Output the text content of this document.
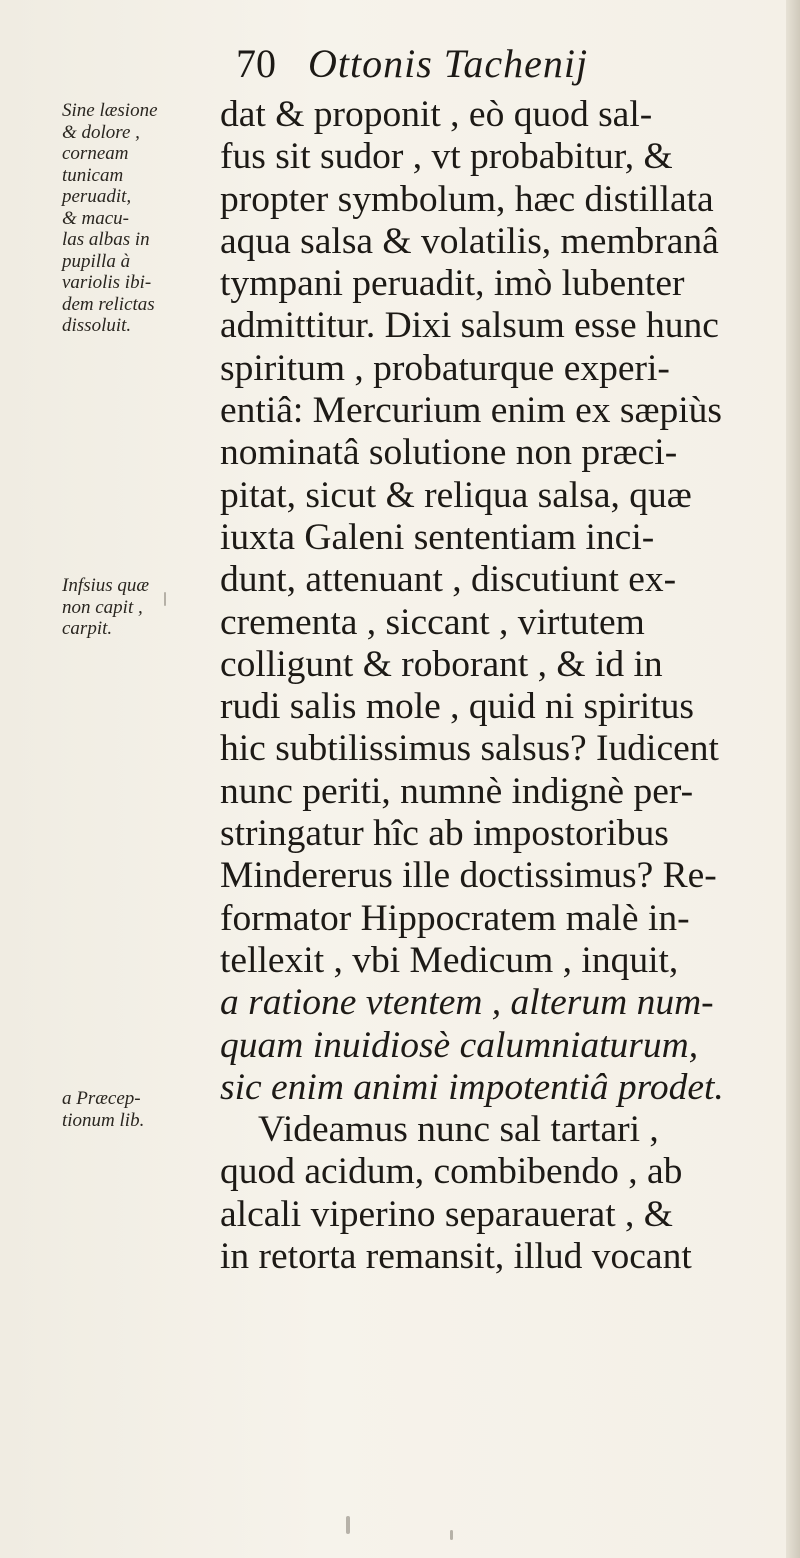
70 Ottonis Tachenij
Sine læsione
& dolore ,
corneam
tunicam
peruadit,
& macu-
las albas in
pupilla à
variolis ibi-
dem relictas
dissoluit.
Infsius quæ
non capit ,
carpit.
a Præcep-
tionum lib.
dat & proponit , eò quod sal-
fus sit sudor , vt probabitur, &
propter symbolum, hæc distillata
aqua salsa & volatilis, membranâ
tympani peruadit, imò lubenter
admittitur. Dixi salsum esse hunc
spiritum , probaturque experi-
entiâ: Mercurium enim ex sæpiùs
nominatâ solutione non præci-
pitat, sicut & reliqua salsa, quæ
iuxta Galeni sententiam inci-
dunt, attenuant , discutiunt ex-
crementa , siccant , virtutem
colligunt & roborant , & id in
rudi salis mole , quid ni spiritus
hic subtilissimus salsus? Iudicent
nunc periti, numnè indignè per-
stringatur hîc ab impostoribus
Mindererus ille doctissimus? Re-
formator Hippocratem malè in-
tellexit , vbi Medicum , inquit,
a ratione vtentem , alterum num-
quam inuidiosè calumniaturum,
sic enim animi impotentiâ prodet.
Videamus nunc sal tartari ,
quod acidum, combibendo , ab
alcali viperino separauerat , &
in retorta remansit, illud vocant
